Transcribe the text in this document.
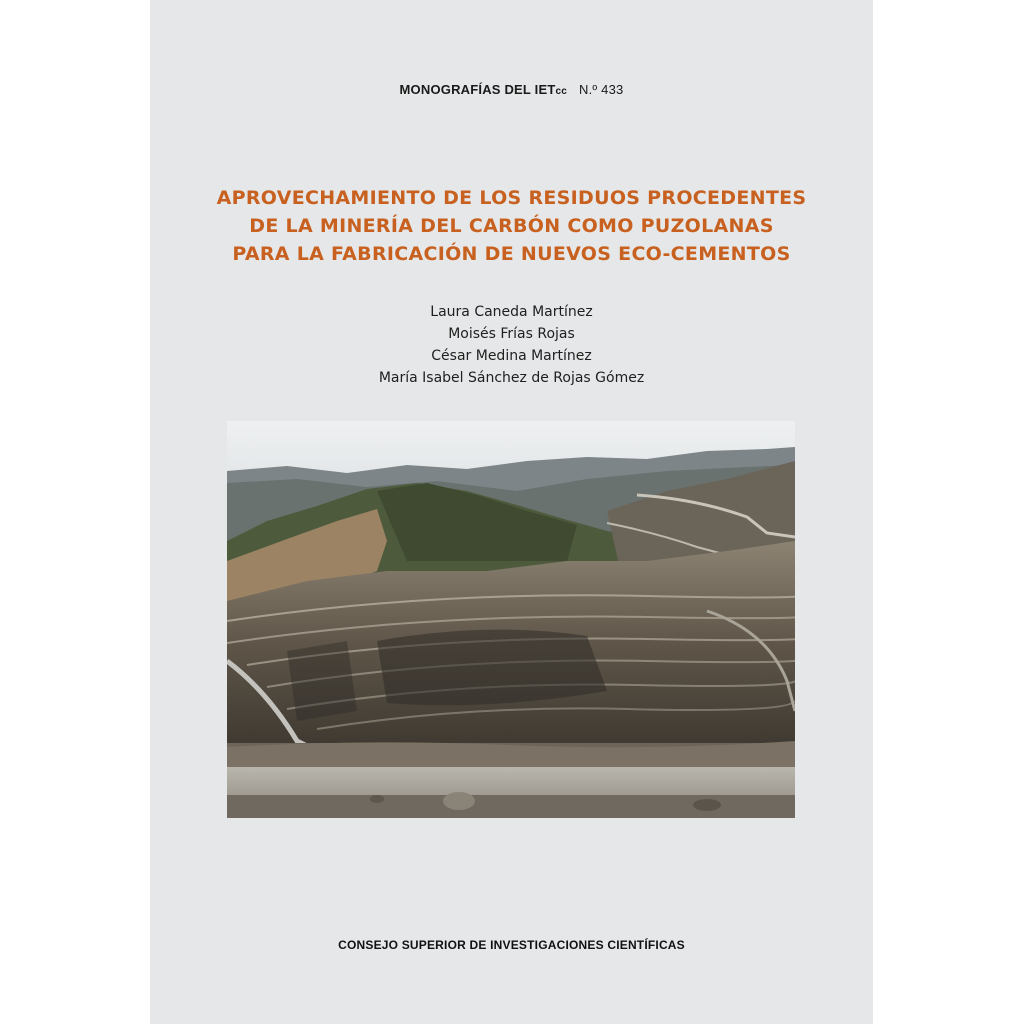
MONOGRAFÍAS DEL IETcc N.º 433
APROVECHAMIENTO DE LOS RESIDUOS PROCEDENTES
DE LA MINERÍA DEL CARBÓN COMO PUZOLANAS
PARA LA FABRICACIÓN DE NUEVOS ECO-CEMENTOS
Laura Caneda Martínez
Moisés Frías Rojas
César Medina Martínez
María Isabel Sánchez de Rojas Gómez
CONSEJO SUPERIOR DE INVESTIGACIONES CIENTÍFICAS
